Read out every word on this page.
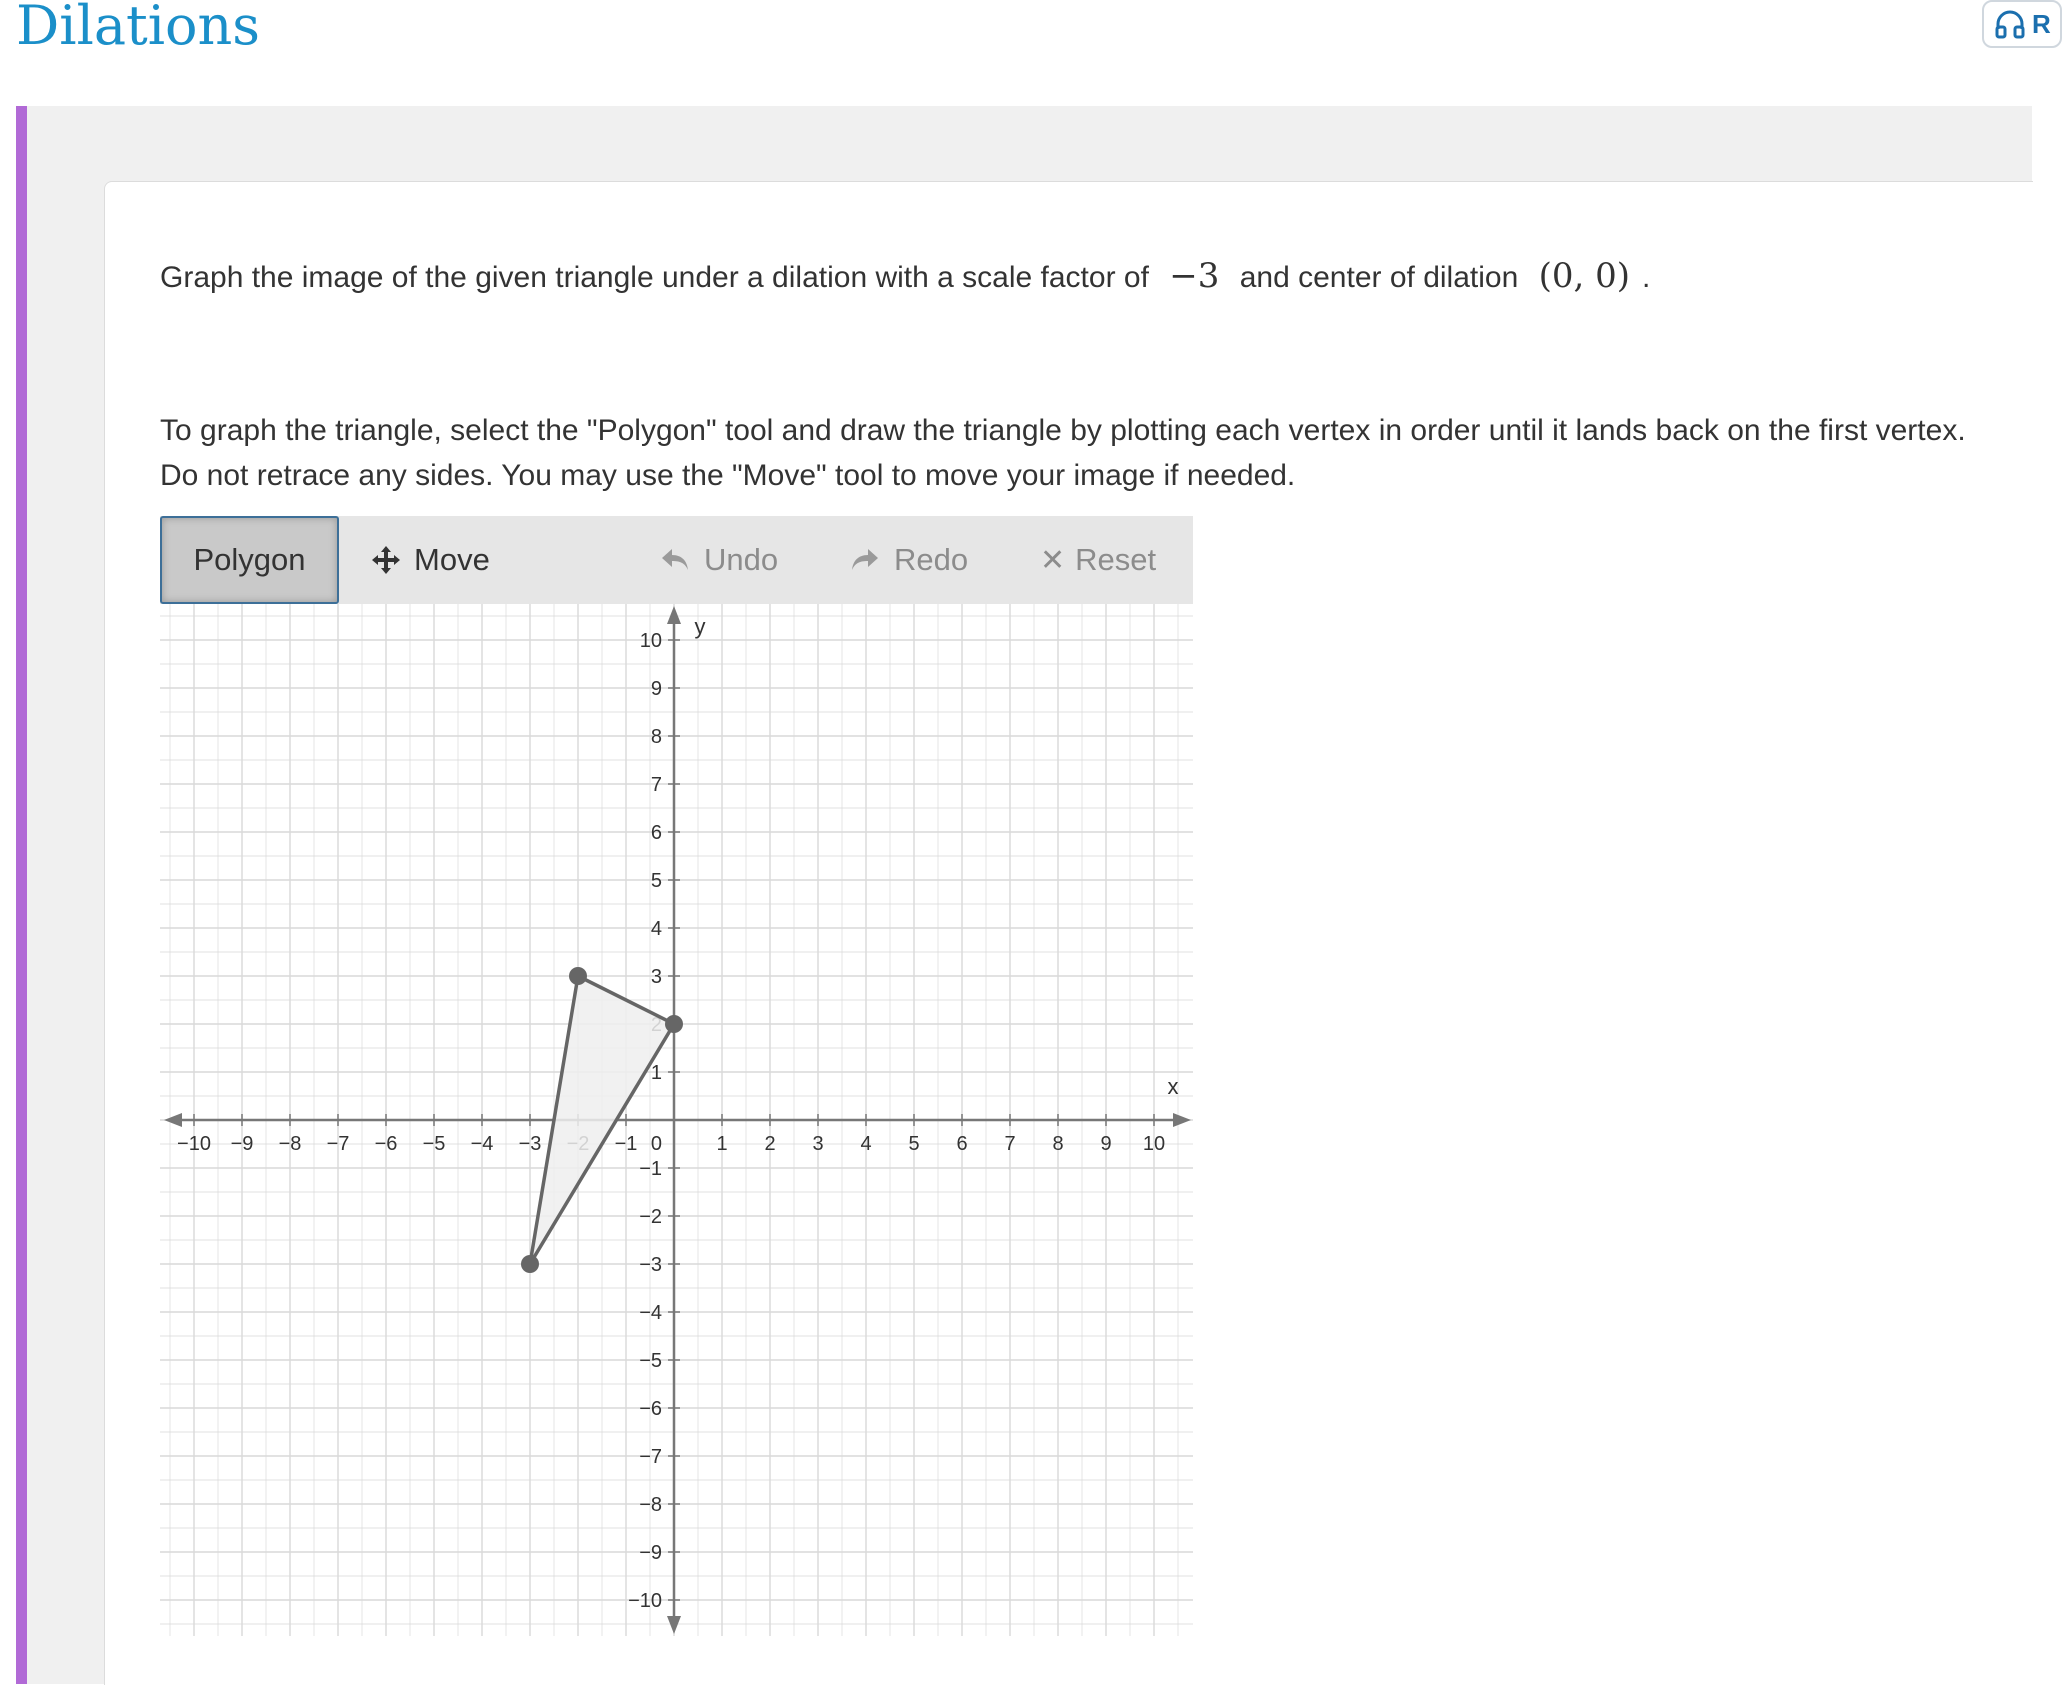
Dilations	R
Graph the image of the given triangle under a dilation with a scale factor of −3 and center of dilation (0, 0) .

To graph the triangle, select the "Polygon" tool and draw the triangle by plotting each vertex in order until it lands back on the first vertex. Do not retrace any sides. You may use the "Move" tool to move your image if needed.

Polygon	Move	Undo	Redo ✕ Reset
−10 −9 −8 −7 −6 −5 −4 −3	−1	1 2 3 4 5 6 7 8 9 10
−10
−9
−8
−7
−6
−5
−4
−3
−2
−1
1
3
4
5
6
7
8
9
10
0
x
y
